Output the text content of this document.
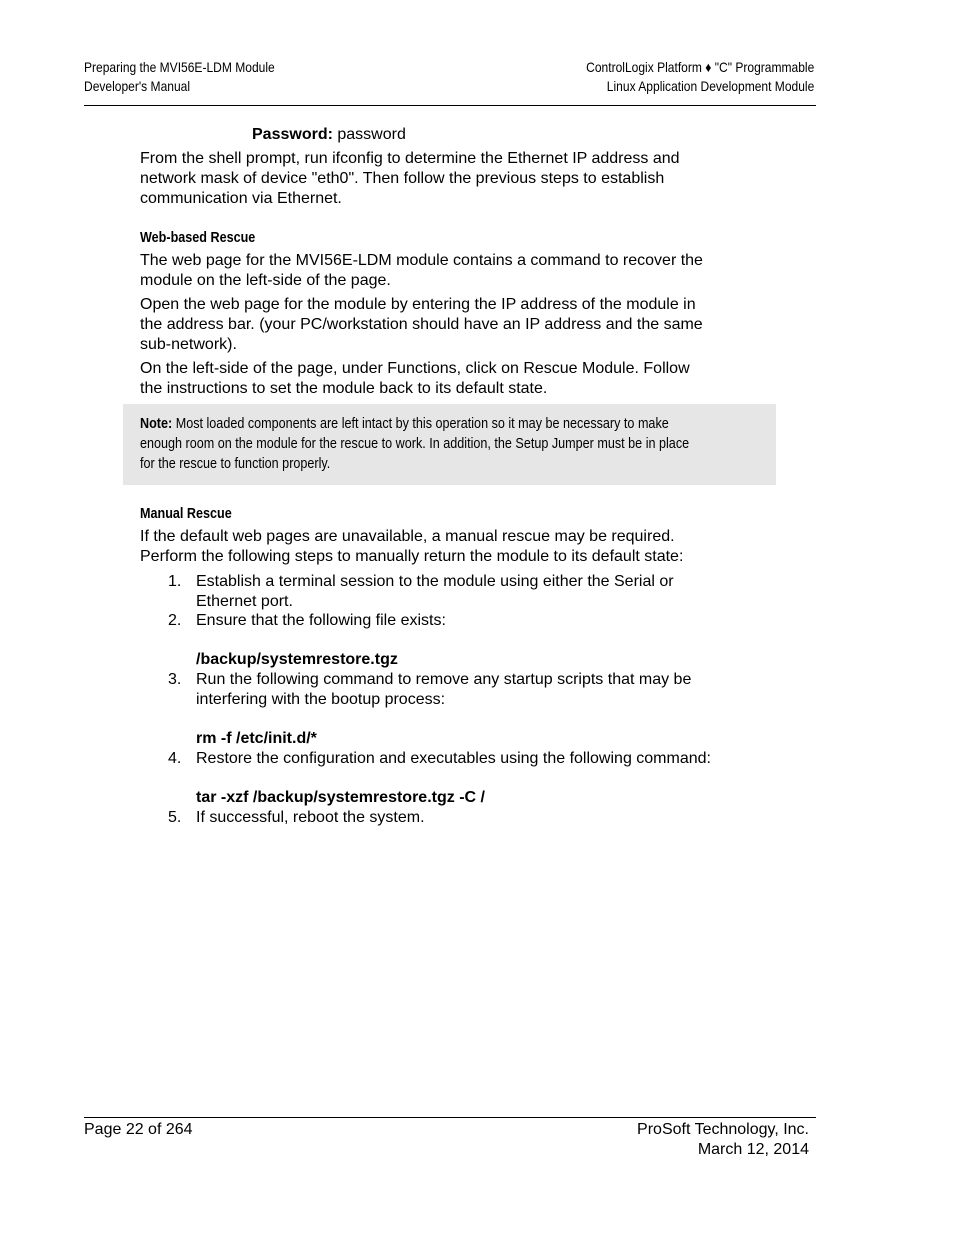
Preparing the MVI56E-LDM Module
Developer's Manual
ControlLogix Platform ♦ "C" Programmable
Linux Application Development Module
Password: password
From the shell prompt, run ifconfig to determine the Ethernet IP address and
network mask of device "eth0". Then follow the previous steps to establish
communication via Ethernet.
Web-based Rescue
The web page for the MVI56E-LDM module contains a command to recover the
module on the left-side of the page.
Open the web page for the module by entering the IP address of the module in
the address bar. (your PC/workstation should have an IP address and the same
sub-network).
On the left-side of the page, under Functions, click on Rescue Module. Follow
the instructions to set the module back to its default state.
Note: Most loaded components are left intact by this operation so it may be necessary to make
enough room on the module for the rescue to work. In addition, the Setup Jumper must be in place
for the rescue to function properly.
Manual Rescue
If the default web pages are unavailable, a manual rescue may be required.
Perform the following steps to manually return the module to its default state:
1. Establish a terminal session to the module using either the Serial or
Ethernet port.
2. Ensure that the following file exists:
/backup/systemrestore.tgz
3. Run the following command to remove any startup scripts that may be
interfering with the bootup process:
rm -f /etc/init.d/*
4. Restore the configuration and executables using the following command:
tar -xzf /backup/systemrestore.tgz -C /
5. If successful, reboot the system.
Page 22 of 264	ProSoft Technology, Inc.
March 12, 2014
